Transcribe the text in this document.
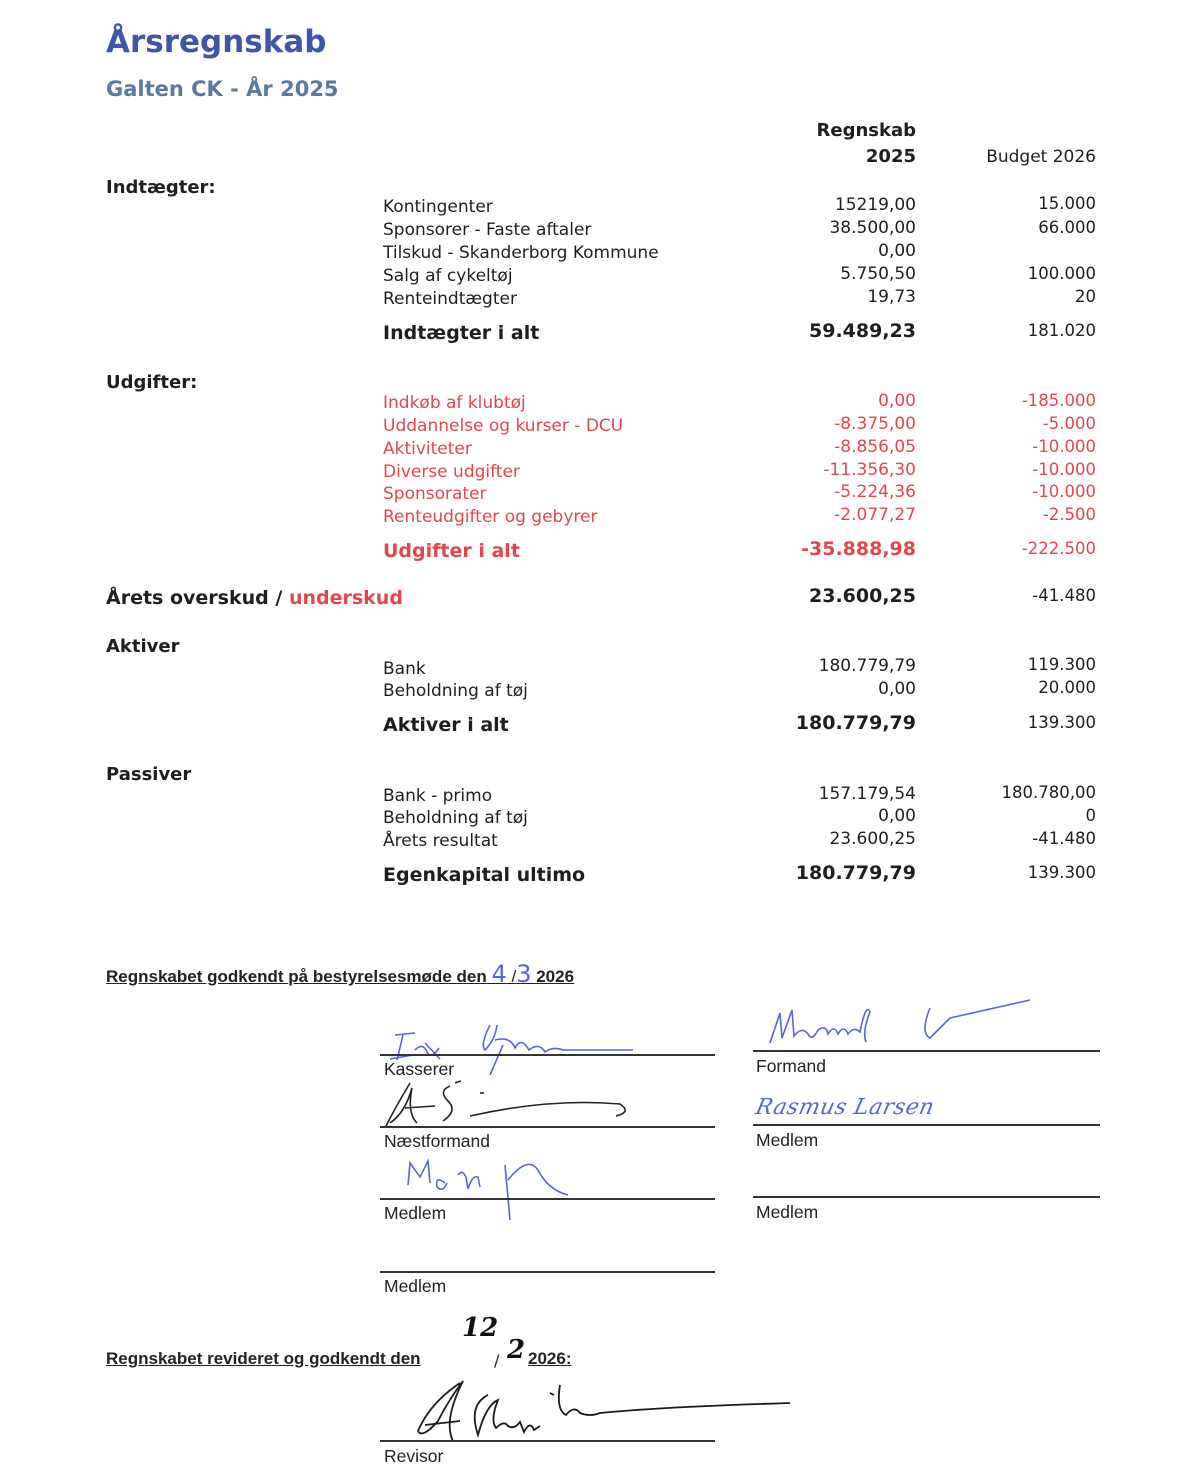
Årsregnskab
Galten CK - År 2025
Regnskab
2025	Budget 2026
Indtægter:
Kontingenter	15219,00	15.000
Sponsorer - Faste aftaler	38.500,00	66.000
Tilskud - Skanderborg Kommune	0,00
Salg af cykeltøj	5.750,50	100.000
Renteindtægter	19,73	20
Indtægter i alt	59.489,23	181.020
Udgifter:
Indkøb af klubtøj	0,00	-185.000
Uddannelse og kurser - DCU	-8.375,00	-5.000
Aktiviteter	-8.856,05	-10.000
Diverse udgifter	-11.356,30	-10.000
Sponsorater	-5.224,36	-10.000
Renteudgifter og gebyrer	-2.077,27	-2.500
Udgifter i alt	-35.888,98	-222.500
Årets overskud / underskud	23.600,25	-41.480
Aktiver
Bank	180.779,79	119.300
Beholdning af tøj	0,00	20.000
Aktiver i alt	180.779,79	139.300
Passiver
Bank - primo	157.179,54	180.780,00
Beholdning af tøj	0,00	0
Årets resultat	23.600,25	-41.480
Egenkapital ultimo	180.779,79	139.300
Regnskabet godkendt på bestyrelsesmøde den 4 /3 2026
Kasserer
Næstformand
Medlem
Medlem
Formand
Rasmus Larsen
Medlem
Medlem
Regnskabet revideret og godkendt den
12
/ 2 2026:
Revisor
